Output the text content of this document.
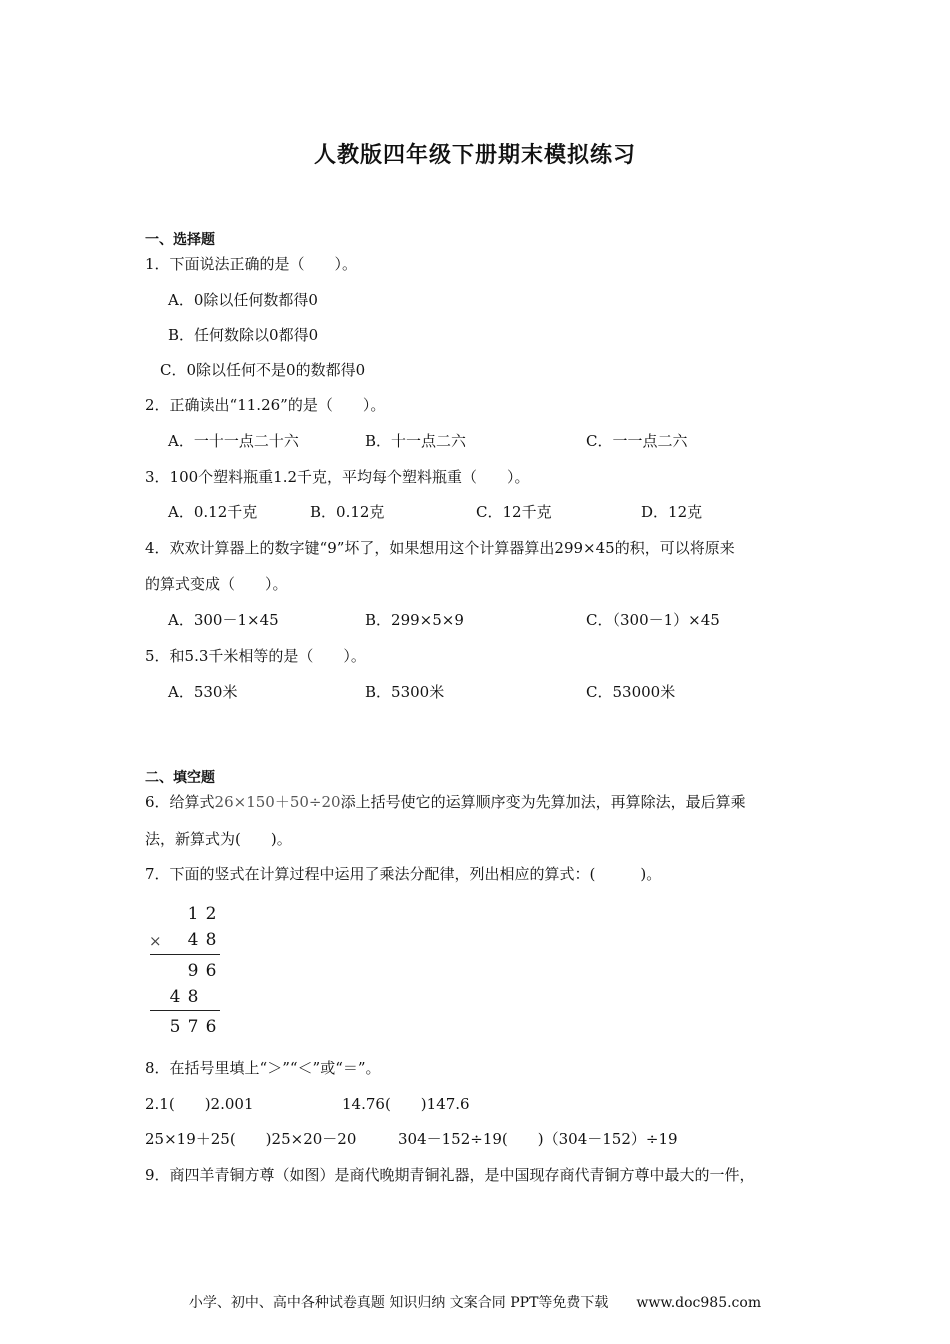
人教版四年级下册期末模拟练习
一、选择题
1．下面说法正确的是（　　）。
A．0除以任何数都得0
B．任何数除以0都得0
C．0除以任何不是0的数都得0
2．正确读出“11.26”的是（　　）。
A．一十一点二十六	B．十一点二六	C．一一点二六
3．100个塑料瓶重1.2千克，平均每个塑料瓶重（　　）。
A．0.12千克	B．0.12克	C．12千克	D．12克
4．欢欢计算器上的数字键“9”坏了，如果想用这个计算器算出299×45的积，可以将原来
的算式变成（　　）。
A．300－1×45	B．299×5×9	C．（300－1）×45
5．和5.3千米相等的是（　　）。
A．530米	B．5300米	C．53000米
二、填空题
6．给算式26×150＋50÷20添上括号使它的运算顺序变为先算加法，再算除法，最后算乘
法，新算式为(　　)。
7．下面的竖式在计算过程中运用了乘法分配律，列出相应的算式：(　　　)。
1 2
× 4 8
9 6
4 8
5 7 6
8．在括号里填上“＞”“＜”或“＝”。
2.1(　　)2.001	14.76(　　)147.6
25×19＋25(　　)25×20－20	304－152÷19(　　)（304－152）÷19
9．商四羊青铜方尊（如图）是商代晚期青铜礼器，是中国现存商代青铜方尊中最大的一件，
小学、初中、高中各种试卷真题 知识归纳 文案合同 PPT等免费下载　　www.doc985.com
